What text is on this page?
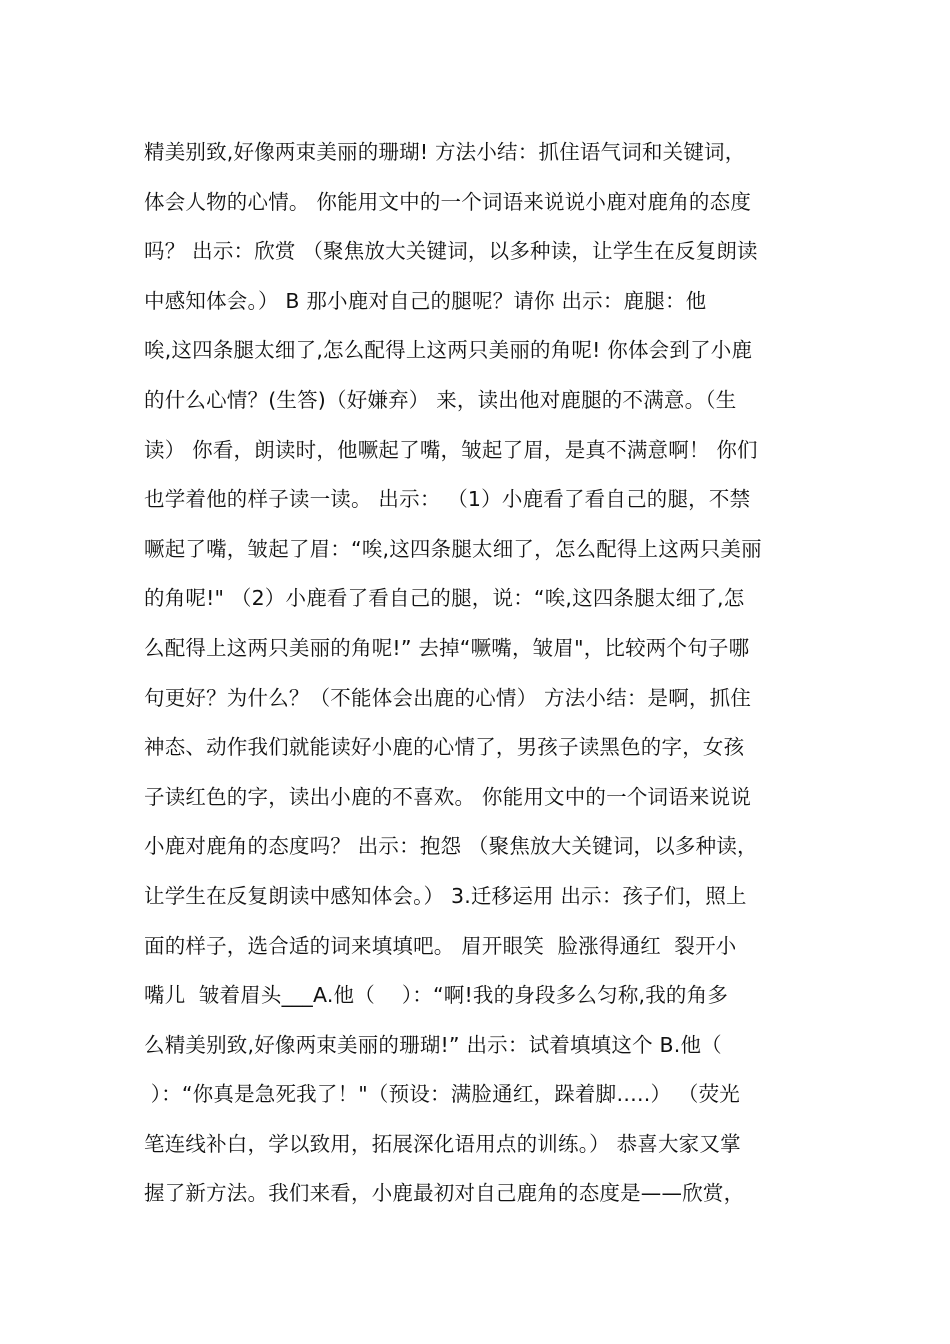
精美别致,好像两束美丽的珊瑚! 方法小结：抓住语气词和关键词，
体会人物的心情。 你能用文中的一个词语来说说小鹿对鹿角的态度
吗？ 出示：欣赏 （聚焦放大关键词，以多种读，让学生在反复朗读
中感知体会。） B 那小鹿对自己的腿呢？请你 出示：鹿腿：他
唉,这四条腿太细了,怎么配得上这两只美丽的角呢! 你体会到了小鹿
的什么心情？(生答)（好嫌弃） 来，读出他对鹿腿的不满意。（生
读） 你看，朗读时，他噘起了嘴，皱起了眉，是真不满意啊！ 你们
也学着他的样子读一读。 出示： （1）小鹿看了看自己的腿，不禁
噘起了嘴，皱起了眉：“唉,这四条腿太细了，怎么配得上这两只美丽
的角呢!" （2）小鹿看了看自己的腿，说：“唉,这四条腿太细了,怎
么配得上这两只美丽的角呢!” 去掉“噘嘴，皱眉"，比较两个句子哪
句更好？为什么？（不能体会出鹿的心情） 方法小结：是啊，抓住
神态、动作我们就能读好小鹿的心情了，男孩子读黑色的字，女孩
子读红色的字，读出小鹿的不喜欢。 你能用文中的一个词语来说说
小鹿对鹿角的态度吗？ 出示：抱怨 （聚焦放大关键词，以多种读，
让学生在反复朗读中感知体会。） 3.迁移运用 出示：孩子们，照上
面的样子，选合适的词来填填吧。 眉开眼笑  脸涨得通红  裂开小
嘴儿  皱着眉头___A.他（    ）：“啊!我的身段多么匀称,我的角多
么精美别致,好像两束美丽的珊瑚!” 出示：试着填填这个 B.他（
）：“你真是急死我了！"（预设：满脸通红，跺着脚…..） （荧光
笔连线补白，学以致用，拓展深化语用点的训练。） 恭喜大家又掌
握了新方法。我们来看，小鹿最初对自己鹿角的态度是——欣赏，
